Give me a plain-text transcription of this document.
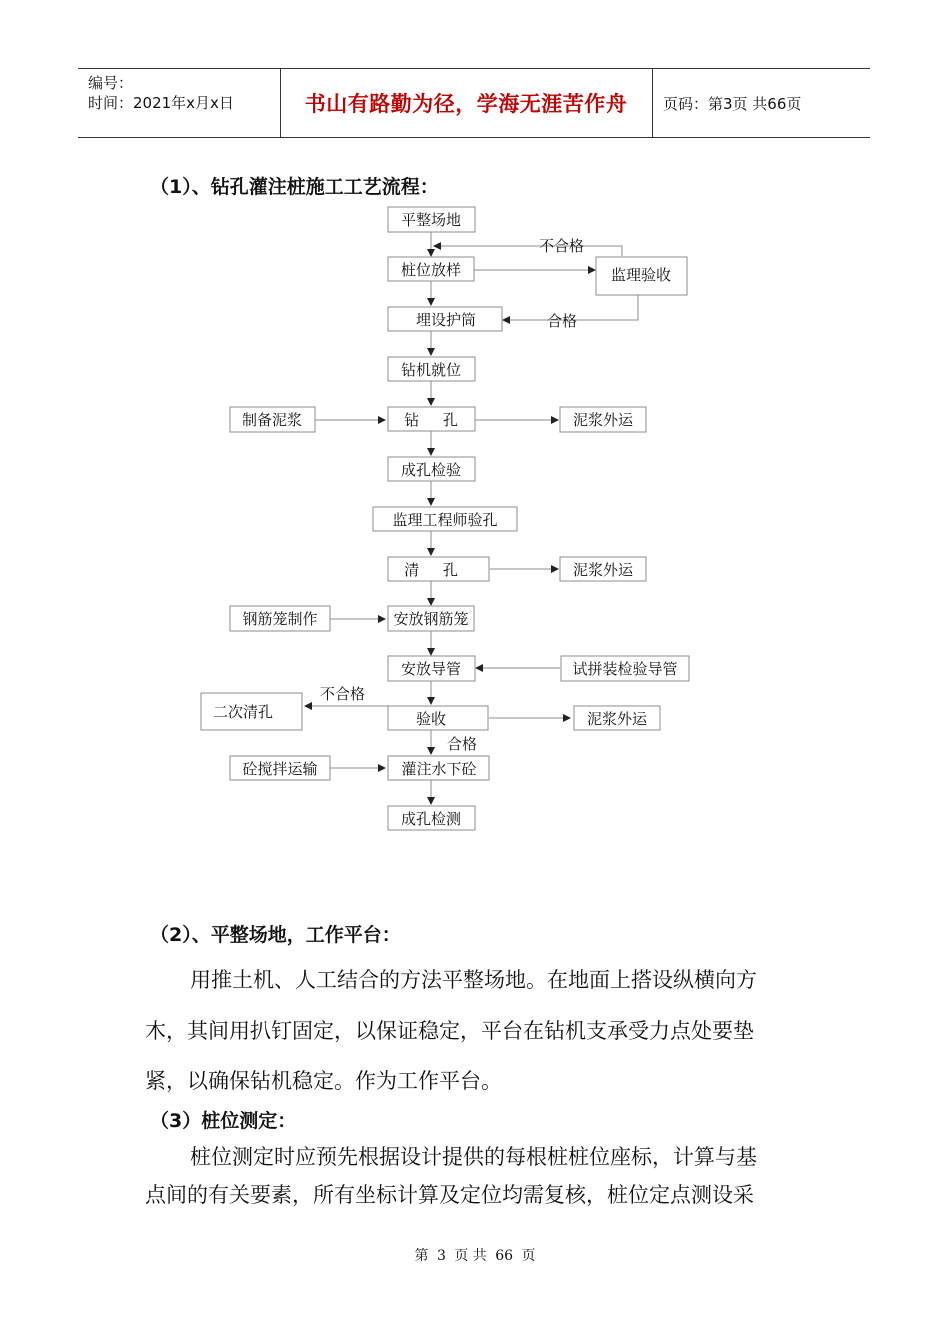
编号：
时间：2021年x月x日	书山有路勤为径，学海无涯苦作舟	页码：第3页 共66页
（1）、钻孔灌注桩施工工艺流程：
平整场地
桩位放样	监理验收
埋设护筒
钻机就位
制备泥浆	钻     孔	泥浆外运
成孔检验
监理工程师验孔
清     孔	泥浆外运
钢筋笼制作	安放钢筋笼
安放导管	试拼装检验导管
二次清孔	验收	泥浆外运
砼搅拌运输	灌注水下砼
成孔检测
不合格
合格
不合格
合格
（2）、平整场地，工作平台：
用推土机、人工结合的方法平整场地。在地面上搭设纵横向方
木，其间用扒钉固定，以保证稳定，平台在钻机支承受力点处要垫
紧，以确保钻机稳定。作为工作平台。
（3）桩位测定：
桩位测定时应预先根据设计提供的每根桩桩位座标，计算与基
点间的有关要素，所有坐标计算及定位均需复核，桩位定点测设采
第 3 页 共 66 页
